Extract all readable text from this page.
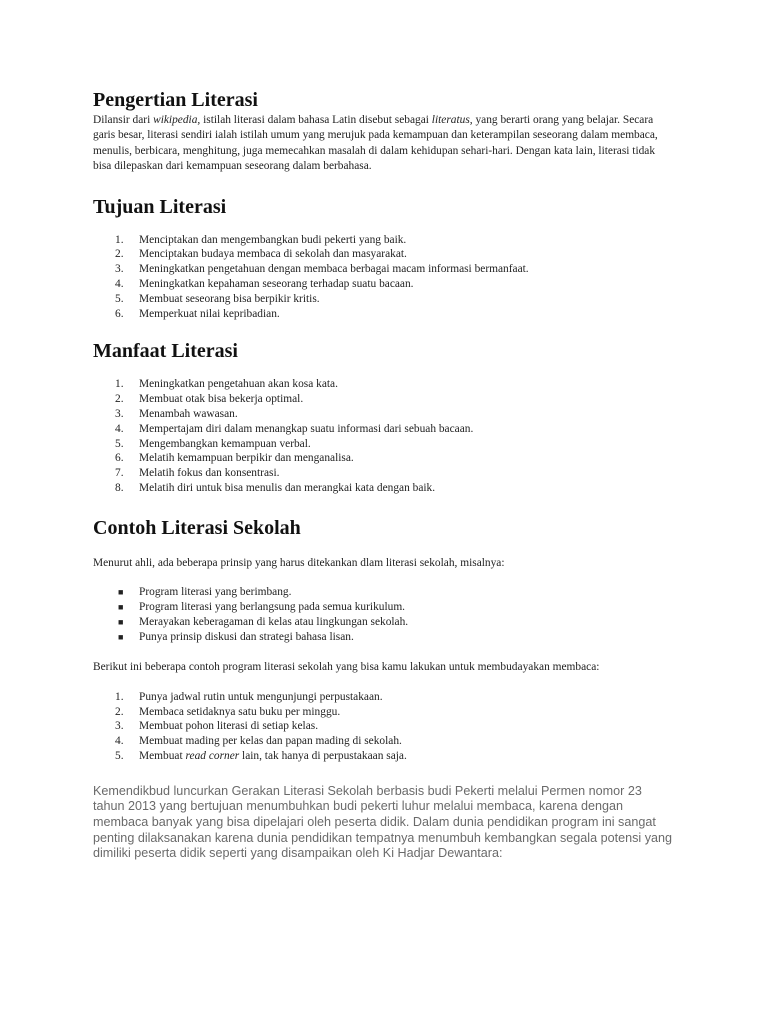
Pengertian Literasi

Dilansir dari wikipedia, istilah literasi dalam bahasa Latin disebut sebagai literatus, yang berarti orang yang belajar. Secara garis besar, literasi sendiri ialah istilah umum yang merujuk pada kemampuan dan keterampilan seseorang dalam membaca, menulis, berbicara, menghitung, juga memecahkan masalah di dalam kehidupan sehari-hari. Dengan kata lain, literasi tidak bisa dilepaskan dari kemampuan seseorang dalam berbahasa.

Tujuan Literasi
1. Menciptakan dan mengembangkan budi pekerti yang baik.
2. Menciptakan budaya membaca di sekolah dan masyarakat.
3. Meningkatkan pengetahuan dengan membaca berbagai macam informasi bermanfaat.
4. Meningkatkan kepahaman seseorang terhadap suatu bacaan.
5. Membuat seseorang bisa berpikir kritis.
6. Memperkuat nilai kepribadian.
Manfaat Literasi
1. Meningkatkan pengetahuan akan kosa kata.
2. Membuat otak bisa bekerja optimal.
3. Menambah wawasan.
4. Mempertajam diri dalam menangkap suatu informasi dari sebuah bacaan.
5. Mengembangkan kemampuan verbal.
6. Melatih kemampuan berpikir dan menganalisa.
7. Melatih fokus dan konsentrasi.
8. Melatih diri untuk bisa menulis dan merangkai kata dengan baik.
Contoh Literasi Sekolah

Menurut ahli, ada beberapa prinsip yang harus ditekankan dlam literasi sekolah, misalnya:

■ Program literasi yang berimbang.
■ Program literasi yang berlangsung pada semua kurikulum.
■ Merayakan keberagaman di kelas atau lingkungan sekolah.
■ Punya prinsip diskusi dan strategi bahasa lisan.

Berikut ini beberapa contoh program literasi sekolah yang bisa kamu lakukan untuk membudayakan membaca:

1. Punya jadwal rutin untuk mengunjungi perpustakaan.
2. Membaca setidaknya satu buku per minggu.
3. Membuat pohon literasi di setiap kelas.
4. Membuat mading per kelas dan papan mading di sekolah.
5. Membuat read corner lain, tak hanya di perpustakaan saja.

Kemendikbud luncurkan Gerakan Literasi Sekolah berbasis budi Pekerti melalui Permen nomor 23 tahun 2013 yang bertujuan menumbuhkan budi pekerti luhur melalui membaca, karena dengan membaca banyak yang bisa dipelajari oleh peserta didik. Dalam dunia pendidikan program ini sangat penting dilaksanakan karena dunia pendidikan tempatnya menumbuh kembangkan segala potensi yang dimiliki peserta didik seperti yang disampaikan oleh Ki Hadjar Dewantara:
